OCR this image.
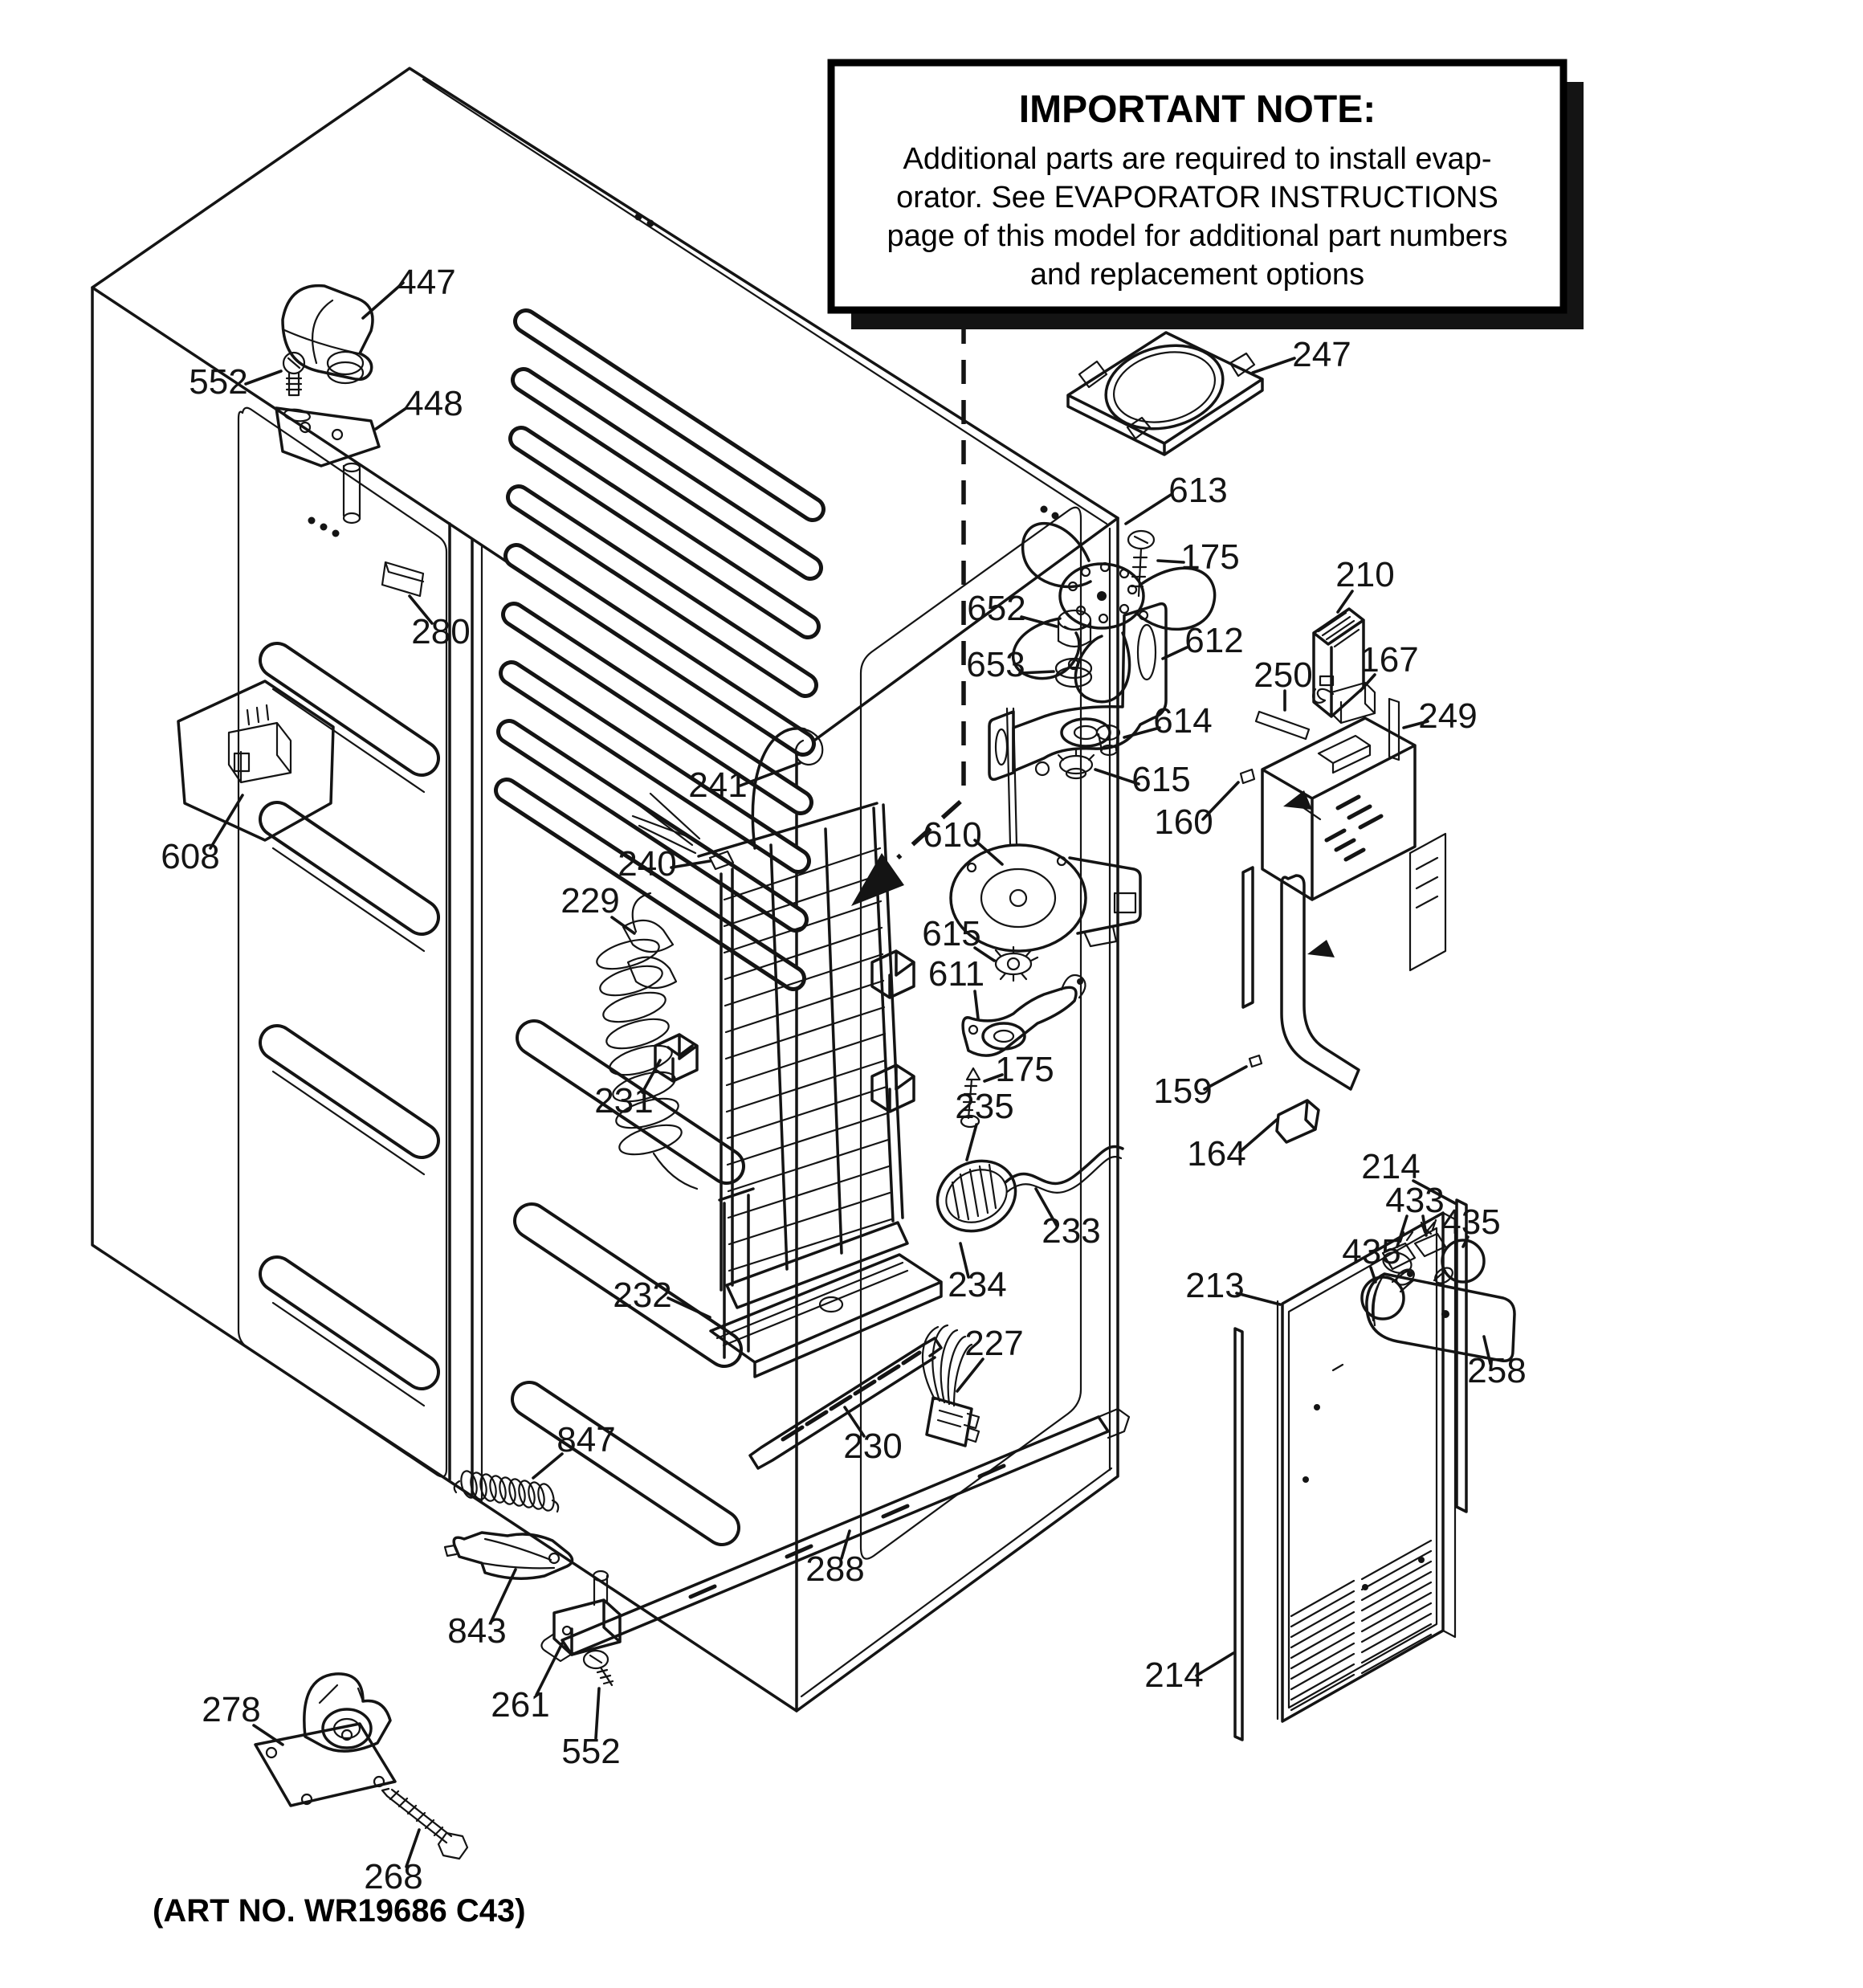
IMPORTANT NOTE:
Additional parts are required to install evap-
orator. See EVAPORATOR INSTRUCTIONS
page of this model for additional part numbers
and replacement options
447
552
448
280
608
241
240
229
231
232
230
227
288
847
843
261
552
278
268
247
613
175
652
653
612
614
615
610
615
611
175
235
233
234
210
250 167
249
160
159
164	214
213
433
435
435
258
214
(ART NO. WR19686 C43)
